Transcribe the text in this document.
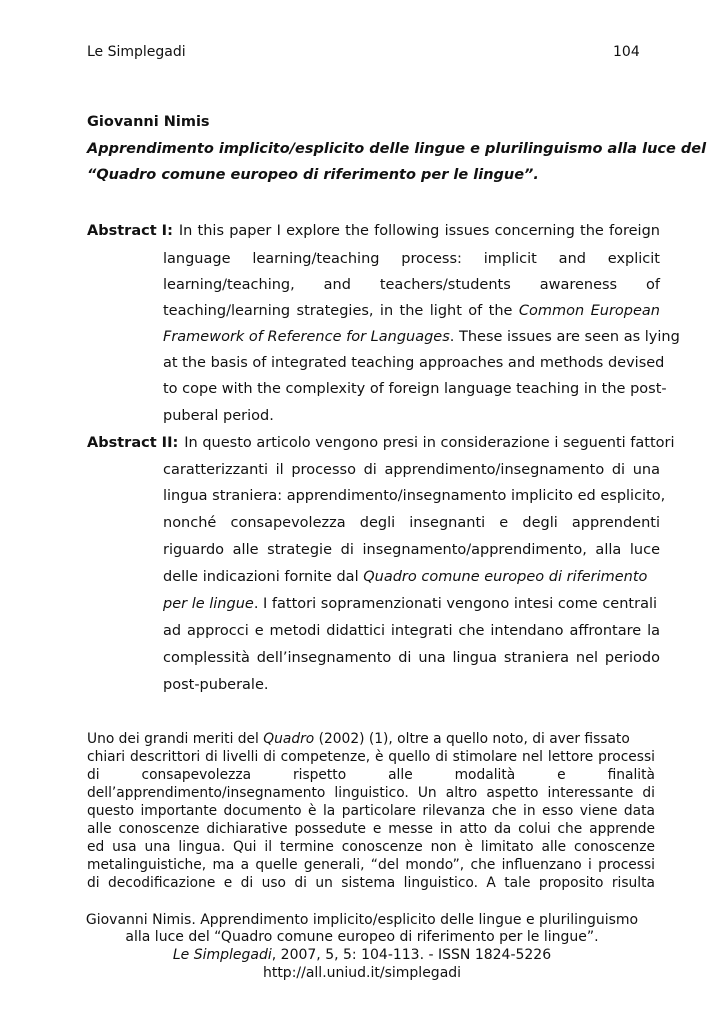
Le Simplegadi	104
Giovanni Nimis
Apprendimento implicito/esplicito delle lingue e plurilinguismo alla luce del
“Quadro comune europeo di riferimento per le lingue”.
Abstract I: In this paper I explore the following issues concerning the foreign
language learning/teaching process: implicit and explicit
learning/teaching, and teachers/students awareness of
teaching/learning strategies, in the light of the Common European
Framework of Reference for Languages. These issues are seen as lying
at the basis of integrated teaching approaches and methods devised
to cope with the complexity of foreign language teaching in the post-
puberal period.
Abstract II: In questo articolo vengono presi in considerazione i seguenti fattori
caratterizzanti il processo di apprendimento/insegnamento di una
lingua straniera: apprendimento/insegnamento implicito ed esplicito,
nonché consapevolezza degli insegnanti e degli apprendenti
riguardo alle strategie di insegnamento/apprendimento, alla luce
delle indicazioni fornite dal Quadro comune europeo di riferimento
per le lingue. I fattori sopramenzionati vengono intesi come centrali
ad approcci e metodi didattici integrati che intendano affrontare la
complessità dell’insegnamento di una lingua straniera nel periodo
post-puberale.
Uno dei grandi meriti del Quadro (2002) (1), oltre a quello noto, di aver fissato
chiari descrittori di livelli di competenze, è quello di stimolare nel lettore processi
di consapevolezza rispetto alle modalità e finalità
dell’apprendimento/insegnamento linguistico. Un altro aspetto interessante di
questo importante documento è la particolare rilevanza che in esso viene data
alle conoscenze dichiarative possedute e messe in atto da colui che apprende
ed usa una lingua. Qui il termine conoscenze non è limitato alle conoscenze
metalinguistiche, ma a quelle generali, “del mondo”, che influenzano i processi
di decodificazione e di uso di un sistema linguistico. A tale proposito risulta
Giovanni Nimis. Apprendimento implicito/esplicito delle lingue e plurilinguismo
alla luce del “Quadro comune europeo di riferimento per le lingue”.
Le Simplegadi, 2007, 5, 5: 104-113. - ISSN 1824-5226
http://all.uniud.it/simplegadi
